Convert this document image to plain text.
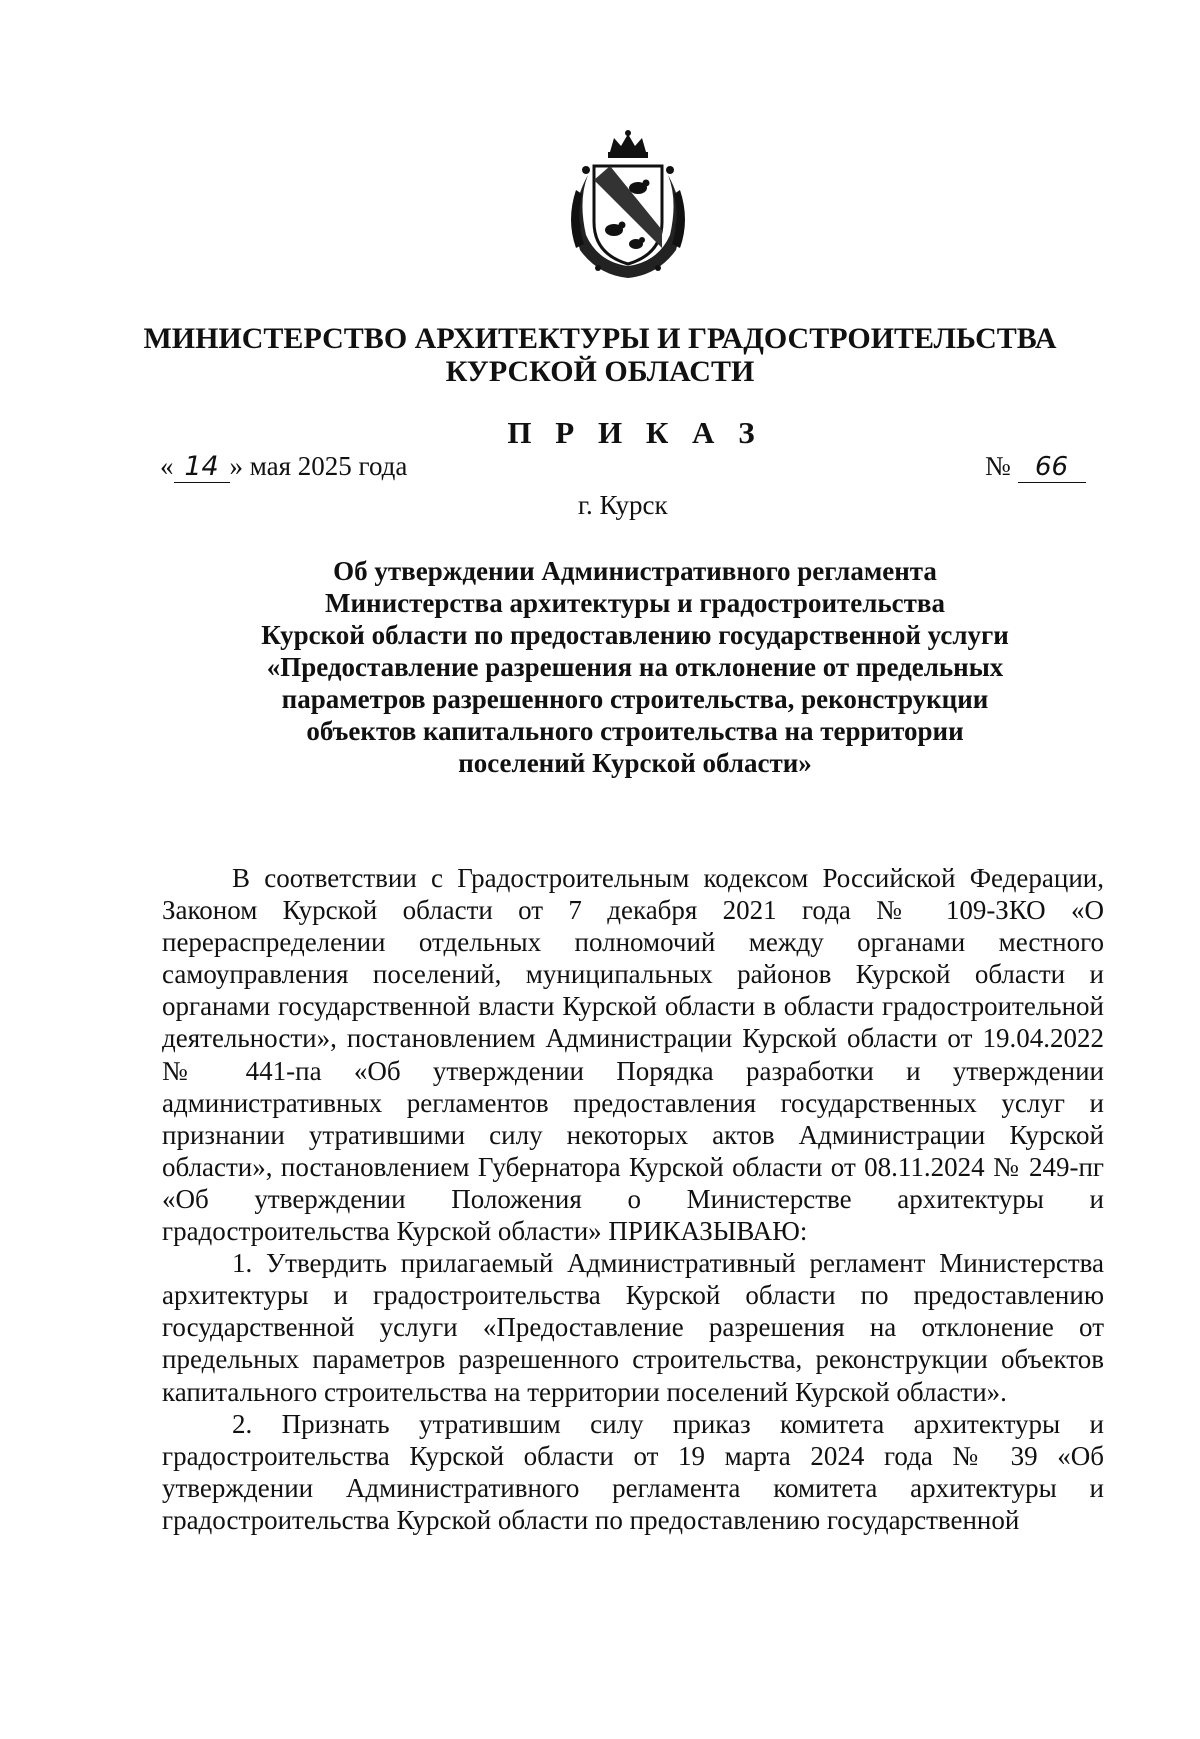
МИНИСТЕРСТВО АРХИТЕКТУРЫ И ГРАДОСТРОИТЕЛЬСТВА
КУРСКОЙ ОБЛАСТИ
П Р И К А З
« 14 » мая 2025 года	№ 66
г. Курск
Об утверждении Административного регламента
Министерства архитектуры и градостроительства
Курской области по предоставлению государственной услуги
«Предоставление разрешения на отклонение от предельных
параметров разрешенного строительства, реконструкции
объектов капитального строительства на территории
поселений Курской области»

В соответствии с Градостроительным кодексом Российской Федерации, Законом Курской области от 7 декабря 2021 года № 109-ЗКО «О перераспределении отдельных полномочий между органами местного самоуправления поселений, муниципальных районов Курской области и органами государственной власти Курской области в области градостроительной деятельности», постановлением Администрации Курской области от 19.04.2022 № 441-па «Об утверждении Порядка разработки и утверждении административных регламентов предоставления государственных услуг и признании утратившими силу некоторых актов Администрации Курской области», постановлением Губернатора Курской области от 08.11.2024 № 249-пг «Об утверждении Положения о Министерстве архитектуры и градостроительства Курской области» ПРИКАЗЫВАЮ:

1. Утвердить прилагаемый Административный регламент Министерства архитектуры и градостроительства Курской области по предоставлению государственной услуги «Предоставление разрешения на отклонение от предельных параметров разрешенного строительства, реконструкции объектов капитального строительства на территории поселений Курской области».

2. Признать утратившим силу приказ комитета архитектуры и градостроительства Курской области от 19 марта 2024 года № 39 «Об утверждении Административного регламента комитета архитектуры и градостроительства Курской области по предоставлению государственной
